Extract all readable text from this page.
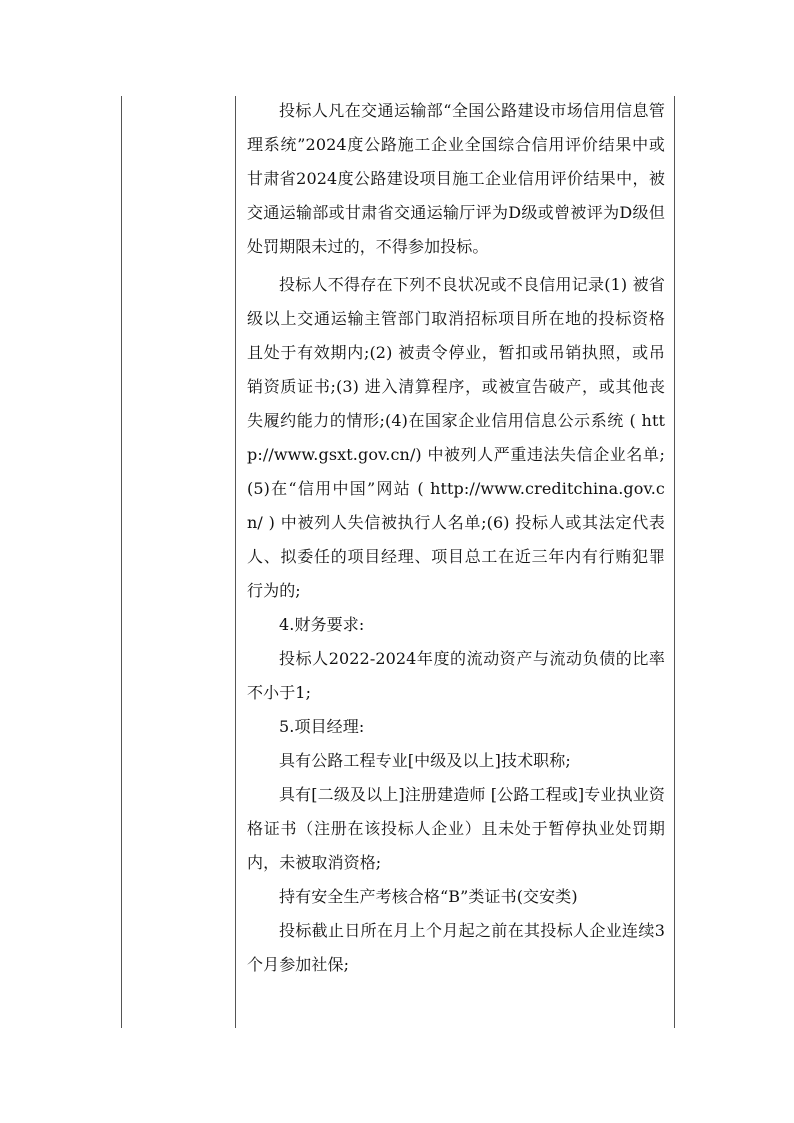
投标人凡在交通运输部“全国公路建设市场信用信息管理系统”2024度公路施工企业全国综合信用评价结果中或甘肃省2024度公路建设项目施工企业信用评价结果中，被交通运输部或甘肃省交通运输厅评为D级或曾被评为D级但处罚期限未过的，不得参加投标。

投标人不得存在下列不良状况或不良信用记录(1) 被省级以上交通运输主管部门取消招标项目所在地的投标资格且处于有效期内;(2) 被责令停业，暂扣或吊销执照，或吊销资质证书;(3) 进入清算程序，或被宣告破产，或其他丧失履约能力的情形;(4)在国家企业信用信息公示系统 ( http://www.gsxt.gov.cn/) 中被列人严重违法失信企业名单;(5)在“信用中国”网站 ( http://www.creditchina.gov.cn/ ) 中被列人失信被执行人名单;(6) 投标人或其法定代表人、拟委任的项目经理、项目总工在近三年内有行贿犯罪行为的;

4.财务要求:

投标人2022-2024年度的流动资产与流动负债的比率不小于1;

5.项目经理:

具有公路工程专业[中级及以上]技术职称;

具有[二级及以上]注册建造师 [公路工程或]专业执业资格证书（注册在该投标人企业）且未处于暂停执业处罚期内，未被取消资格;

持有安全生产考核合格“B”类证书(交安类)

投标截止日所在月上个月起之前在其投标人企业连续3个月参加社保;
